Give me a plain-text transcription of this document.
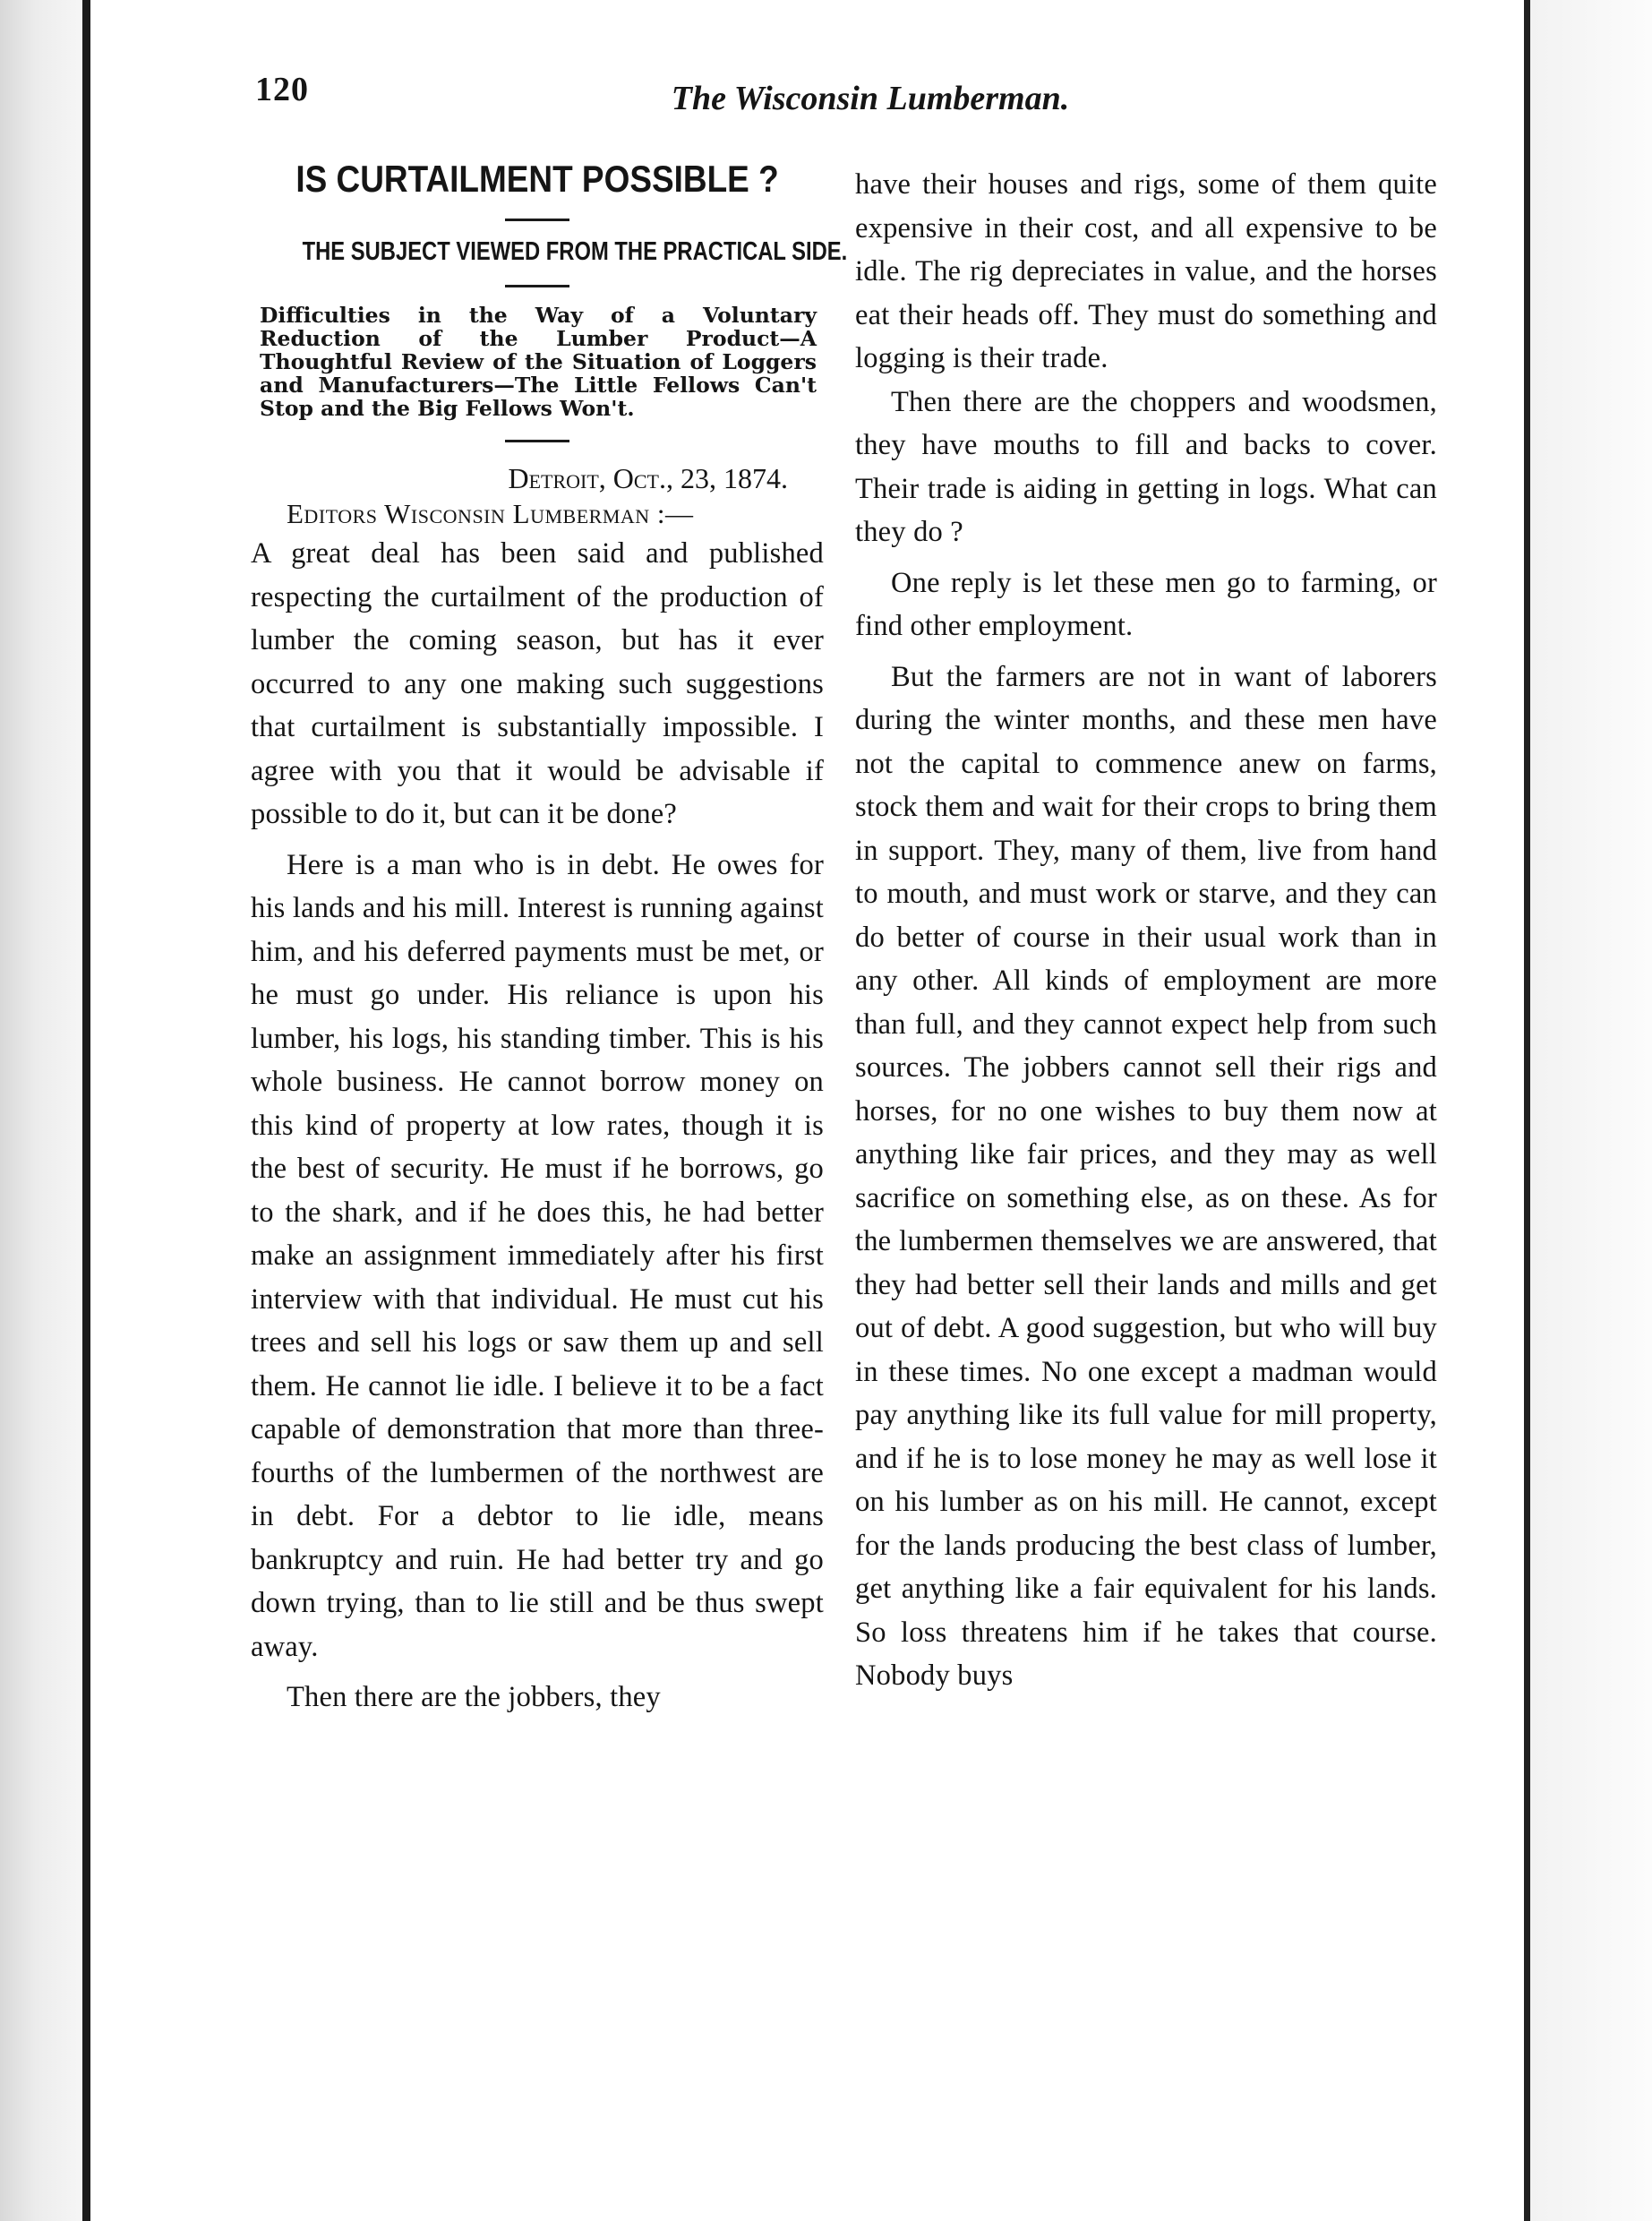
120	The Wisconsin Lumberman.
IS CURTAILMENT POSSIBLE ?
THE SUBJECT VIEWED FROM THE PRACTICAL SIDE.
Difficulties in the Way of a Voluntary Reduction of the Lumber Product—A Thoughtful Review of the Situation of Loggers and Manufacturers—The Little Fellows Can't Stop and the Big Fellows Won't.
Detroit, Oct., 23, 1874.
Editors Wisconsin Lumberman :—

A great deal has been said and published respecting the curtailment of the production of lumber the coming season, but has it ever occurred to any one making such suggestions that curtailment is substantially impossible. I agree with you that it would be advisable if possible to do it, but can it be done?

Here is a man who is in debt. He owes for his lands and his mill. Interest is running against him, and his deferred payments must be met, or he must go under. His reliance is upon his lumber, his logs, his standing timber. This is his whole business. He cannot borrow money on this kind of property at low rates, though it is the best of security. He must if he borrows, go to the shark, and if he does this, he had better make an assignment immediately after his first interview with that individual. He must cut his trees and sell his logs or saw them up and sell them. He cannot lie idle. I believe it to be a fact capable of demonstration that more than three-fourths of the lumbermen of the northwest are in debt. For a debtor to lie idle, means bankruptcy and ruin. He had better try and go down trying, than to lie still and be thus swept away.

Then there are the jobbers, they

have their houses and rigs, some of them quite expensive in their cost, and all expensive to be idle. The rig depreciates in value, and the horses eat their heads off. They must do something and logging is their trade.

Then there are the choppers and woodsmen, they have mouths to fill and backs to cover. Their trade is aiding in getting in logs. What can they do ?

One reply is let these men go to farming, or find other employment.

But the farmers are not in want of laborers during the winter months, and these men have not the capital to commence anew on farms, stock them and wait for their crops to bring them in support. They, many of them, live from hand to mouth, and must work or starve, and they can do better of course in their usual work than in any other. All kinds of employment are more than full, and they cannot expect help from such sources. The jobbers cannot sell their rigs and horses, for no one wishes to buy them now at anything like fair prices, and they may as well sacrifice on something else, as on these. As for the lumbermen themselves we are answered, that they had better sell their lands and mills and get out of debt. A good suggestion, but who will buy in these times. No one except a madman would pay anything like its full value for mill property, and if he is to lose money he may as well lose it on his lumber as on his mill. He cannot, except for the lands producing the best class of lumber, get anything like a fair equivalent for his lands. So loss threatens him if he takes that course. Nobody buys
